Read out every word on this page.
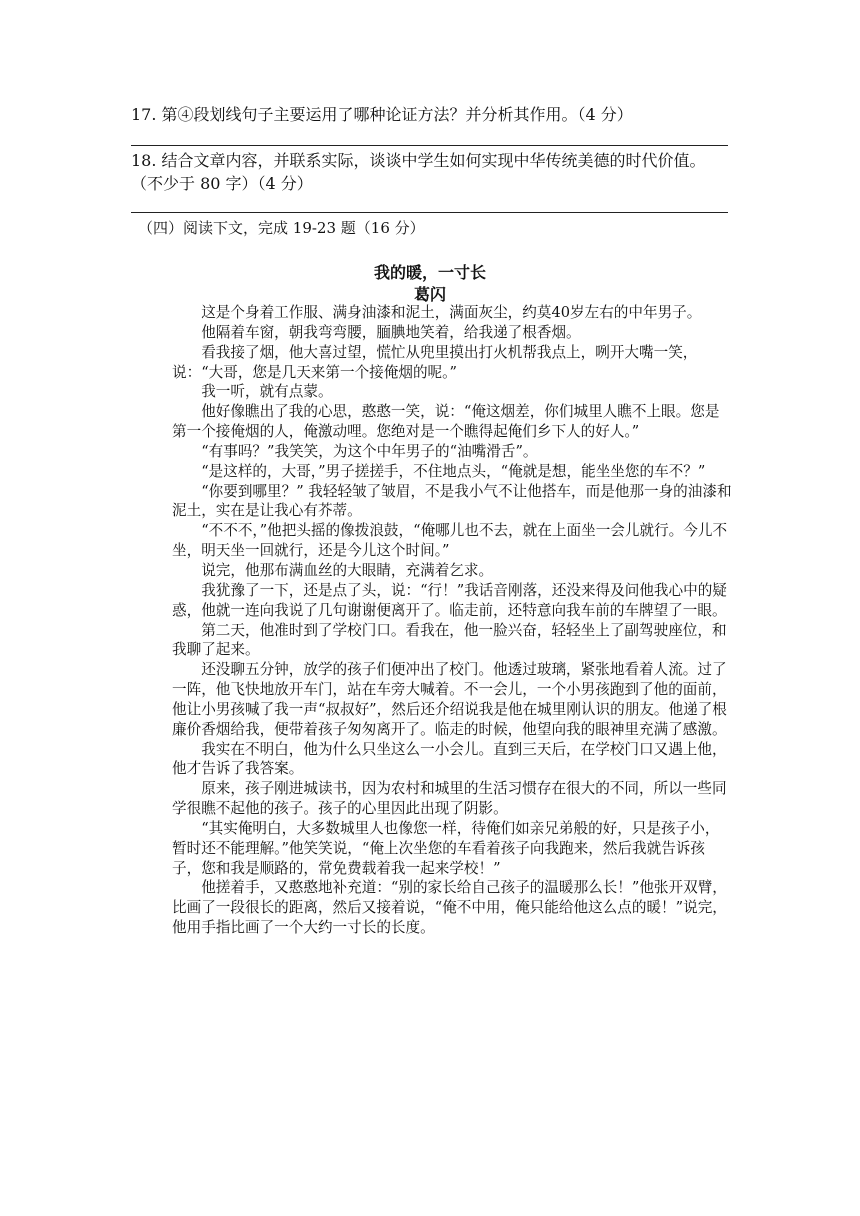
17. 第④段划线句子主要运用了哪种论证方法？并分析其作用。（4 分）
18. 结合文章内容，并联系实际，谈谈中学生如何实现中华传统美德的时代价值。
（不少于 80 字）（4 分）
（四）阅读下文，完成 19-23 题（16 分）
我的暖，一寸长
葛闪

这是个身着工作服、满身油漆和泥土，满面灰尘，约莫40岁左右的中年男子。

他隔着车窗，朝我弯弯腰，腼腆地笑着，给我递了根香烟。

看我接了烟，他大喜过望，慌忙从兜里摸出打火机帮我点上，咧开大嘴一笑，说：“大哥，您是几天来第一个接俺烟的呢。”

我一听，就有点蒙。

他好像瞧出了我的心思，憨憨一笑，说：“俺这烟差，你们城里人瞧不上眼。您是第一个接俺烟的人，俺激动哩。您绝对是一个瞧得起俺们乡下人的好人。”

“有事吗？”我笑笑，为这个中年男子的“油嘴滑舌”。

“是这样的，大哥，”男子搓搓手，不住地点头，“俺就是想，能坐坐您的车不？”

“你要到哪里？” 我轻轻皱了皱眉，不是我小气不让他搭车，而是他那一身的油漆和泥土，实在是让我心有芥蒂。

“不不不，”他把头摇的像拨浪鼓，“俺哪儿也不去，就在上面坐一会儿就行。今儿不坐，明天坐一回就行，还是今儿这个时间。”

说完，他那布满血丝的大眼睛，充满着乞求。

我犹豫了一下，还是点了头，说：“行！”我话音刚落，还没来得及问他我心中的疑惑，他就一连向我说了几句谢谢便离开了。临走前，还特意向我车前的车牌望了一眼。

第二天，他准时到了学校门口。看我在，他一脸兴奋，轻轻坐上了副驾驶座位，和我聊了起来。

还没聊五分钟，放学的孩子们便冲出了校门。他透过玻璃，紧张地看着人流。过了一阵，他飞快地放开车门，站在车旁大喊着。不一会儿，一个小男孩跑到了他的面前，他让小男孩喊了我一声“叔叔好”，然后还介绍说我是他在城里刚认识的朋友。他递了根廉价香烟给我，便带着孩子匆匆离开了。临走的时候，他望向我的眼神里充满了感激。

我实在不明白，他为什么只坐这么一小会儿。直到三天后，在学校门口又遇上他，他才告诉了我答案。

原来，孩子刚进城读书，因为农村和城里的生活习惯存在很大的不同，所以一些同学很瞧不起他的孩子。孩子的心里因此出现了阴影。

“其实俺明白，大多数城里人也像您一样，待俺们如亲兄弟般的好，只是孩子小，暂时还不能理解。”他笑笑说，“俺上次坐您的车看着孩子向我跑来，然后我就告诉孩子，您和我是顺路的，常免费载着我一起来学校！”

他搓着手，又憨憨地补充道：“别的家长给自己孩子的温暖那么长！”他张开双臂，比画了一段很长的距离，然后又接着说，“俺不中用，俺只能给他这么点的暖！”说完，他用手指比画了一个大约一寸长的长度。
